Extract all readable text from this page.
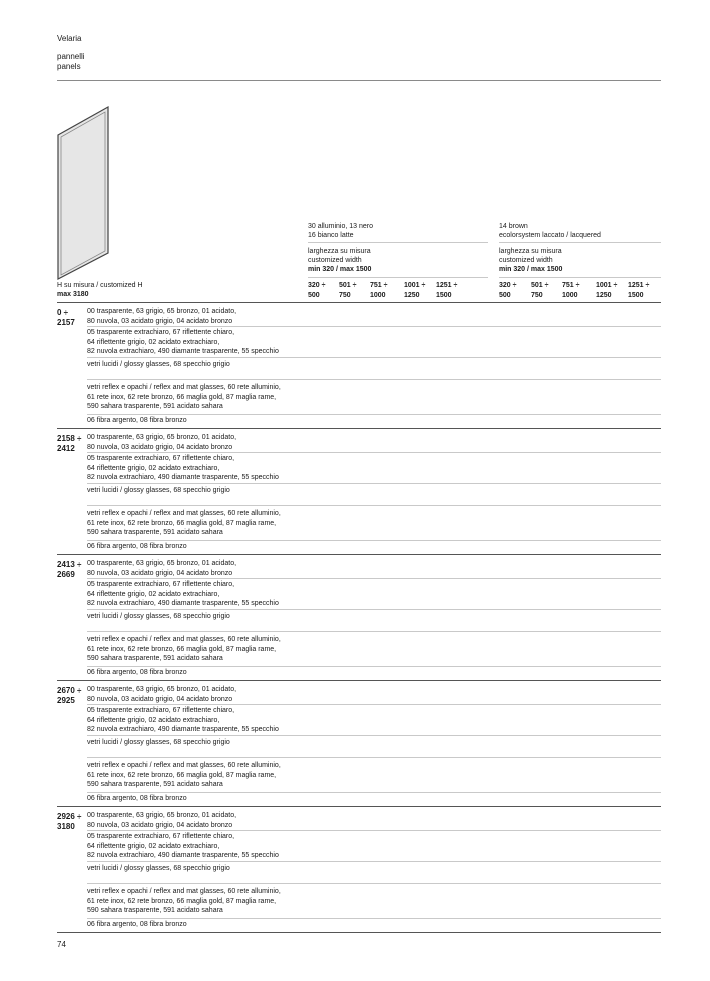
Velaria
pannelli
panels
30 alluminio, 13 nero
16 bianco latte
larghezza su misura
customized width
min 320 / max 1500
14 brown
ecolorsystem laccato / lacquered
larghezza su misura
customized width
min 320 / max 1500
320 ÷
500
501 ÷
750
751 ÷
1000
1001 ÷
1250
1251 ÷
1500
320 ÷
500
501 ÷
750
751 ÷
1000
1001 ÷
1250
1251 ÷
1500
H su misura / customized H
max 3180
0 ÷
2157
00 trasparente, 63 grigio, 65 bronzo, 01 acidato,
80 nuvola, 03 acidato grigio, 04 acidato bronzo
05 trasparente extrachiaro, 67 riflettente chiaro,
64 riflettente grigio, 02 acidato extrachiaro,
82 nuvola extrachiaro, 490 diamante trasparente, 55 specchio
vetri lucidi / glossy glasses, 68 specchio grigio
vetri reflex e opachi / reflex and mat glasses, 60 rete alluminio,
61 rete inox, 62 rete bronzo, 66 maglia gold, 87 maglia rame,
590 sahara trasparente, 591 acidato sahara
06 fibra argento, 08 fibra bronzo
2158 ÷
2412
00 trasparente, 63 grigio, 65 bronzo, 01 acidato,
80 nuvola, 03 acidato grigio, 04 acidato bronzo
05 trasparente extrachiaro, 67 riflettente chiaro,
64 riflettente grigio, 02 acidato extrachiaro,
82 nuvola extrachiaro, 490 diamante trasparente, 55 specchio
vetri lucidi / glossy glasses, 68 specchio grigio
vetri reflex e opachi / reflex and mat glasses, 60 rete alluminio,
61 rete inox, 62 rete bronzo, 66 maglia gold, 87 maglia rame,
590 sahara trasparente, 591 acidato sahara
06 fibra argento, 08 fibra bronzo
2413 ÷
2669
00 trasparente, 63 grigio, 65 bronzo, 01 acidato,
80 nuvola, 03 acidato grigio, 04 acidato bronzo
05 trasparente extrachiaro, 67 riflettente chiaro,
64 riflettente grigio, 02 acidato extrachiaro,
82 nuvola extrachiaro, 490 diamante trasparente, 55 specchio
vetri lucidi / glossy glasses, 68 specchio grigio
vetri reflex e opachi / reflex and mat glasses, 60 rete alluminio,
61 rete inox, 62 rete bronzo, 66 maglia gold, 87 maglia rame,
590 sahara trasparente, 591 acidato sahara
06 fibra argento, 08 fibra bronzo
2670 ÷
2925
00 trasparente, 63 grigio, 65 bronzo, 01 acidato,
80 nuvola, 03 acidato grigio, 04 acidato bronzo
05 trasparente extrachiaro, 67 riflettente chiaro,
64 riflettente grigio, 02 acidato extrachiaro,
82 nuvola extrachiaro, 490 diamante trasparente, 55 specchio
vetri lucidi / glossy glasses, 68 specchio grigio
vetri reflex e opachi / reflex and mat glasses, 60 rete alluminio,
61 rete inox, 62 rete bronzo, 66 maglia gold, 87 maglia rame,
590 sahara trasparente, 591 acidato sahara
06 fibra argento, 08 fibra bronzo
2926 ÷
3180
00 trasparente, 63 grigio, 65 bronzo, 01 acidato,
80 nuvola, 03 acidato grigio, 04 acidato bronzo
05 trasparente extrachiaro, 67 riflettente chiaro,
64 riflettente grigio, 02 acidato extrachiaro,
82 nuvola extrachiaro, 490 diamante trasparente, 55 specchio
vetri lucidi / glossy glasses, 68 specchio grigio
vetri reflex e opachi / reflex and mat glasses, 60 rete alluminio,
61 rete inox, 62 rete bronzo, 66 maglia gold, 87 maglia rame,
590 sahara trasparente, 591 acidato sahara
06 fibra argento, 08 fibra bronzo
74
